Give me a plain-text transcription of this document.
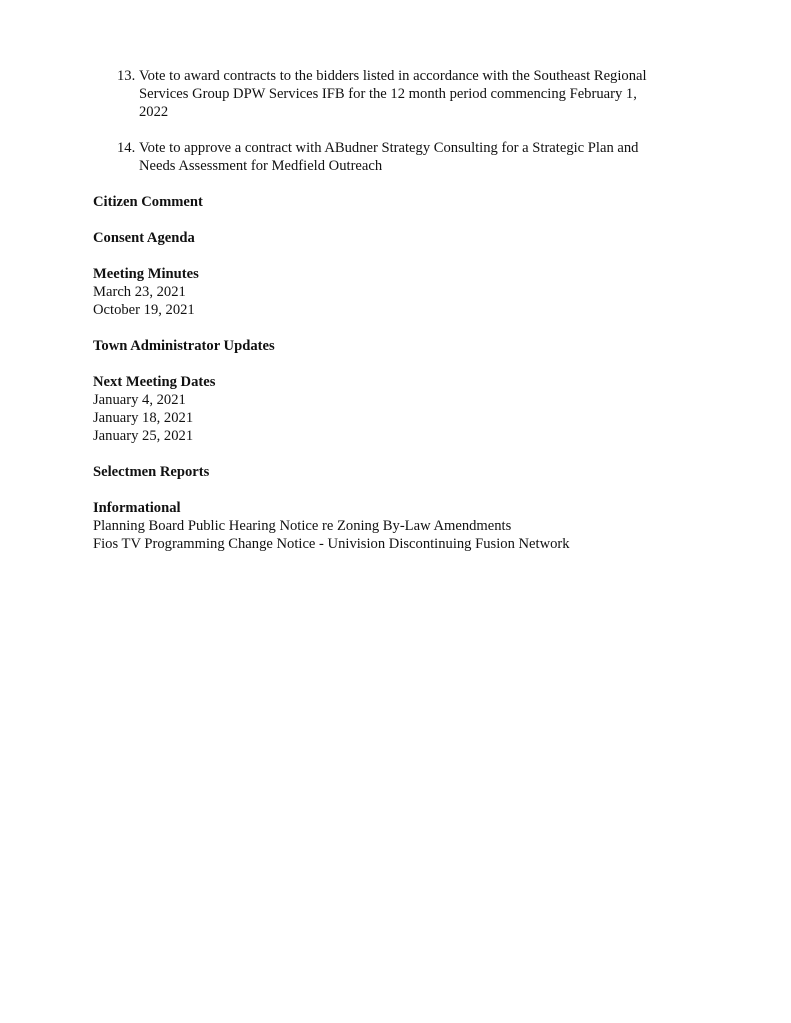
13. Vote to award contracts to the bidders listed in accordance with the Southeast Regional
Services Group DPW Services IFB for the 12 month period commencing February 1,
2022
14. Vote to approve a contract with ABudner Strategy Consulting for a Strategic Plan and
Needs Assessment for Medfield Outreach
Citizen Comment
Consent Agenda
Meeting Minutes
March 23, 2021
October 19, 2021
Town Administrator Updates
Next Meeting Dates
January 4, 2021
January 18, 2021
January 25, 2021
Selectmen Reports
Informational
Planning Board Public Hearing Notice re Zoning By-Law Amendments
Fios TV Programming Change Notice - Univision Discontinuing Fusion Network
